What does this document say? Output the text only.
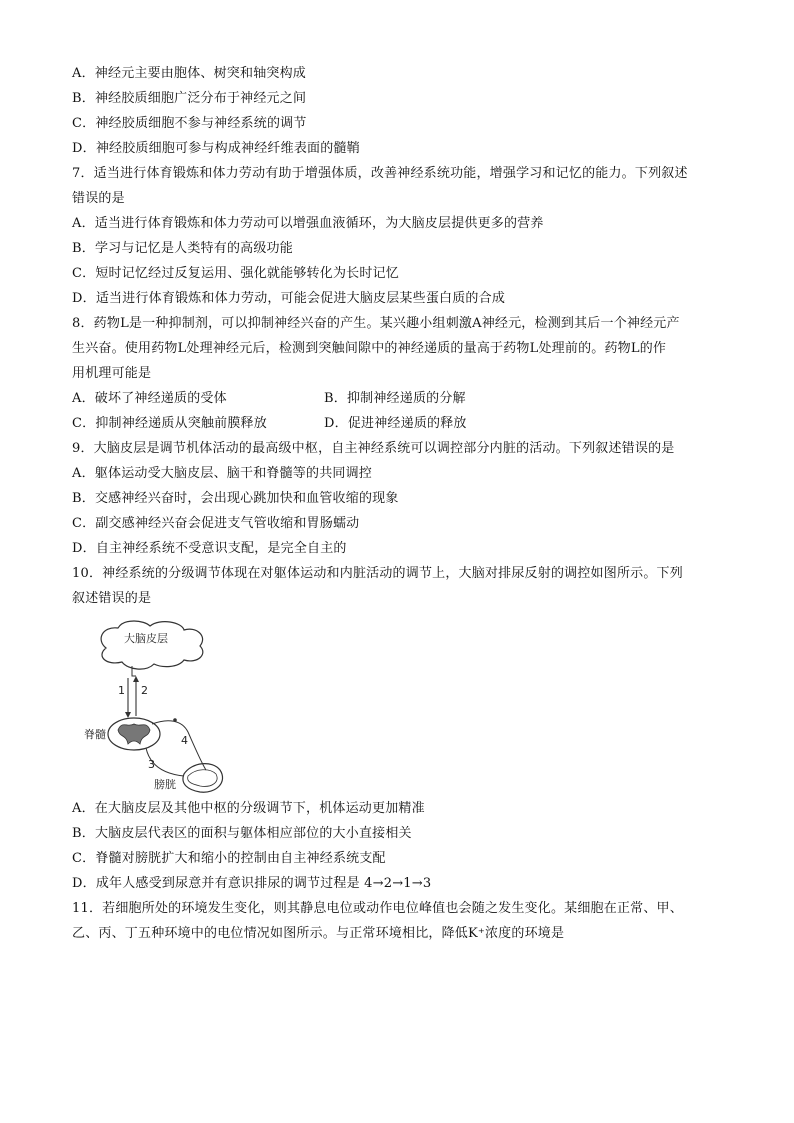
A．神经元主要由胞体、树突和轴突构成
B．神经胶质细胞广泛分布于神经元之间
C．神经胶质细胞不参与神经系统的调节
D．神经胶质细胞可参与构成神经纤维表面的髓鞘
7．适当进行体育锻炼和体力劳动有助于增强体质，改善神经系统功能，增强学习和记忆的能力。下列叙述
错误的是
A．适当进行体育锻炼和体力劳动可以增强血液循环，为大脑皮层提供更多的营养
B．学习与记忆是人类特有的高级功能
C．短时记忆经过反复运用、强化就能够转化为长时记忆
D．适当进行体育锻炼和体力劳动，可能会促进大脑皮层某些蛋白质的合成
8．药物L是一种抑制剂，可以抑制神经兴奋的产生。某兴趣小组刺激A神经元，检测到其后一个神经元产
生兴奋。使用药物L处理神经元后，检测到突触间隙中的神经递质的量高于药物L处理前的。药物L的作
用机理可能是
A．破坏了神经递质的受体	B．抑制神经递质的分解
C．抑制神经递质从突触前膜释放	D．促进神经递质的释放
9．大脑皮层是调节机体活动的最高级中枢，自主神经系统可以调控部分内脏的活动。下列叙述错误的是
A．躯体运动受大脑皮层、脑干和脊髓等的共同调控
B．交感神经兴奋时，会出现心跳加快和血管收缩的现象
C．副交感神经兴奋会促进支气管收缩和胃肠蠕动
D．自主神经系统不受意识支配，是完全自主的
10．神经系统的分级调节体现在对躯体运动和内脏活动的调节上，大脑对排尿反射的调控如图所示。下列
叙述错误的是
大脑皮层
1 2
脊髓	4
3
膀胱
A．在大脑皮层及其他中枢的分级调节下，机体运动更加精准
B．大脑皮层代表区的面积与躯体相应部位的大小直接相关
C．脊髓对膀胱扩大和缩小的控制由自主神经系统支配
D．成年人感受到尿意并有意识排尿的调节过程是 4→2→1→3
11．若细胞所处的环境发生变化，则其静息电位或动作电位峰值也会随之发生变化。某细胞在正常、甲、
乙、丙、丁五种环境中的电位情况如图所示。与正常环境相比，降低K⁺浓度的环境是
